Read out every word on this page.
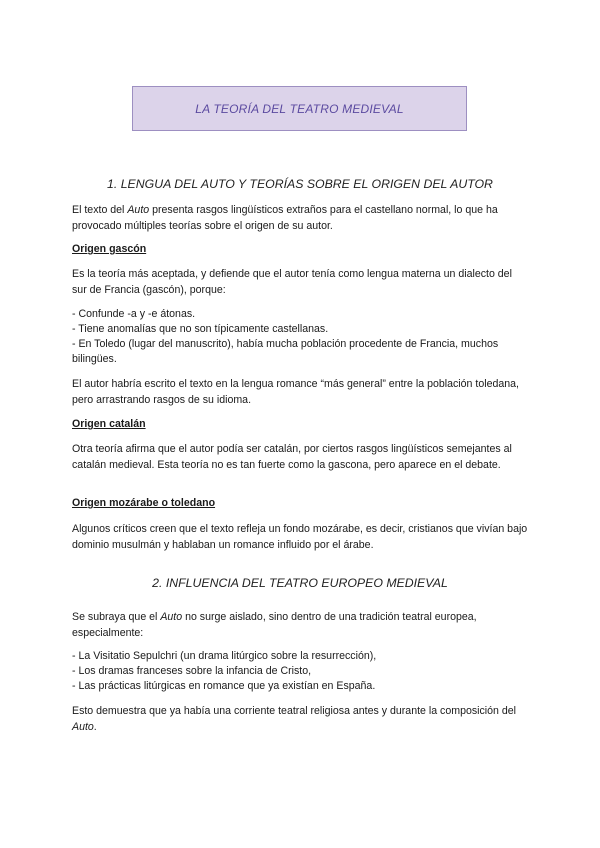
LA TEORÍA DEL TEATRO MEDIEVAL
1. LENGUA DEL AUTO Y TEORÍAS SOBRE EL ORIGEN DEL AUTOR

El texto del Auto presenta rasgos lingüísticos extraños para el castellano normal, lo que ha provocado múltiples teorías sobre el origen de su autor.

Origen gascón

Es la teoría más aceptada, y defiende que el autor tenía como lengua materna un dialecto del sur de Francia (gascón), porque:

- Confunde -a y -e átonas.
- Tiene anomalías que no son típicamente castellanas.
- En Toledo (lugar del manuscrito), había mucha población procedente de Francia, muchos bilingües.

El autor habría escrito el texto en la lengua romance “más general” entre la población toledana, pero arrastrando rasgos de su idioma.

Origen catalán

Otra teoría afirma que el autor podía ser catalán, por ciertos rasgos lingüísticos semejantes al catalán medieval. Esta teoría no es tan fuerte como la gascona, pero aparece en el debate.

Origen mozárabe o toledano

Algunos críticos creen que el texto refleja un fondo mozárabe, es decir, cristianos que vivían bajo dominio musulmán y hablaban un romance influido por el árabe.

2. INFLUENCIA DEL TEATRO EUROPEO MEDIEVAL

Se subraya que el Auto no surge aislado, sino dentro de una tradición teatral europea, especialmente:

- La Visitatio Sepulchri (un drama litúrgico sobre la resurrección),
- Los dramas franceses sobre la infancia de Cristo,
- Las prácticas litúrgicas en romance que ya existían en España.

Esto demuestra que ya había una corriente teatral religiosa antes y durante la composición del Auto.
